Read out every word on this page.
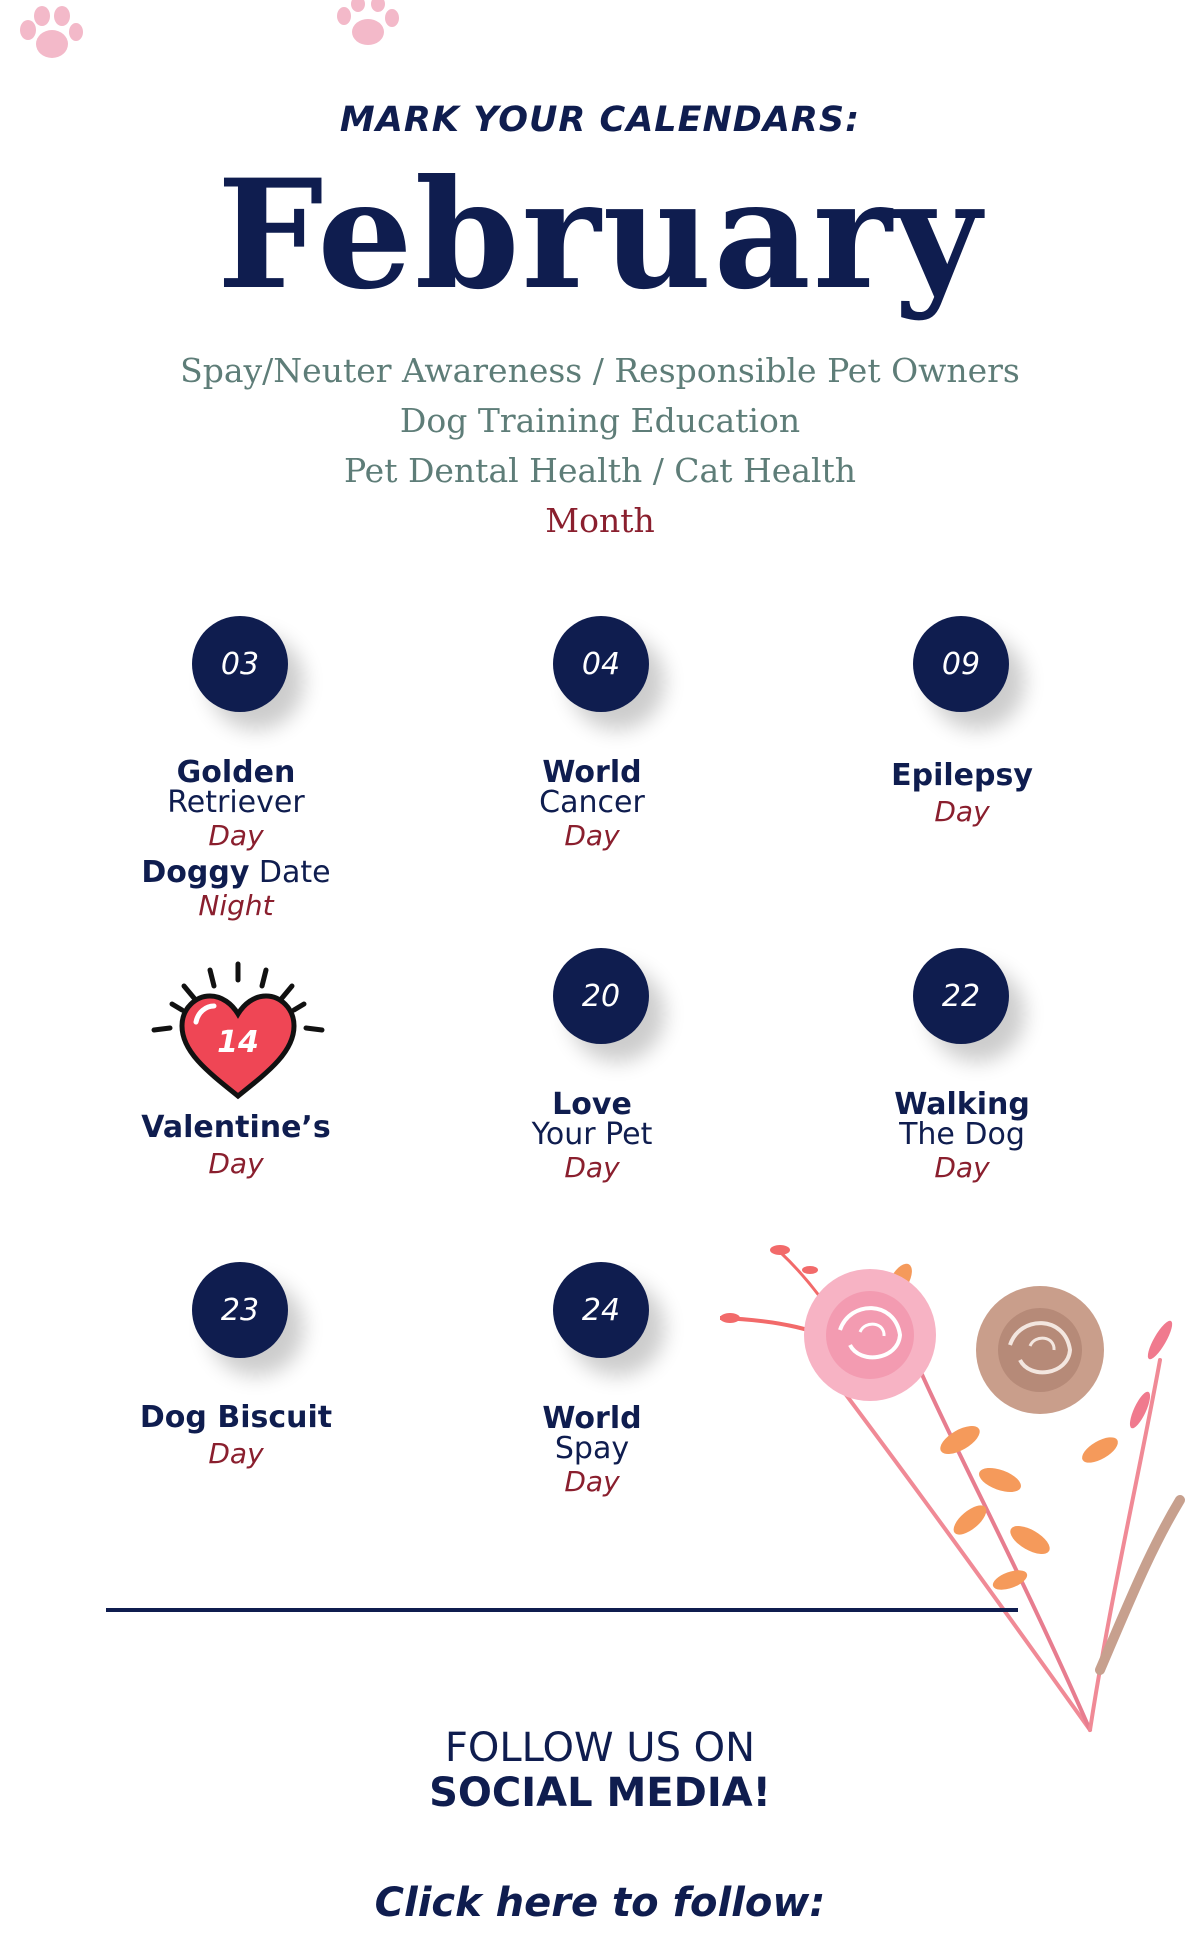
MARK YOUR CALENDARS:
February
Spay/Neuter Awareness / Responsible Pet Owners
Dog Training Education
Pet Dental Health / Cat Health
Month
03
Golden
Retriever
Day
Doggy Date
Night
04
World
Cancer
Day
09
Epilepsy
Day
14
Valentine’s
Day
20
Love
Your Pet
Day
22
Walking
The Dog
Day
23
Dog Biscuit
Day
24
World
Spay
Day
FOLLOW US ON
SOCIAL MEDIA!
Click here to follow:
